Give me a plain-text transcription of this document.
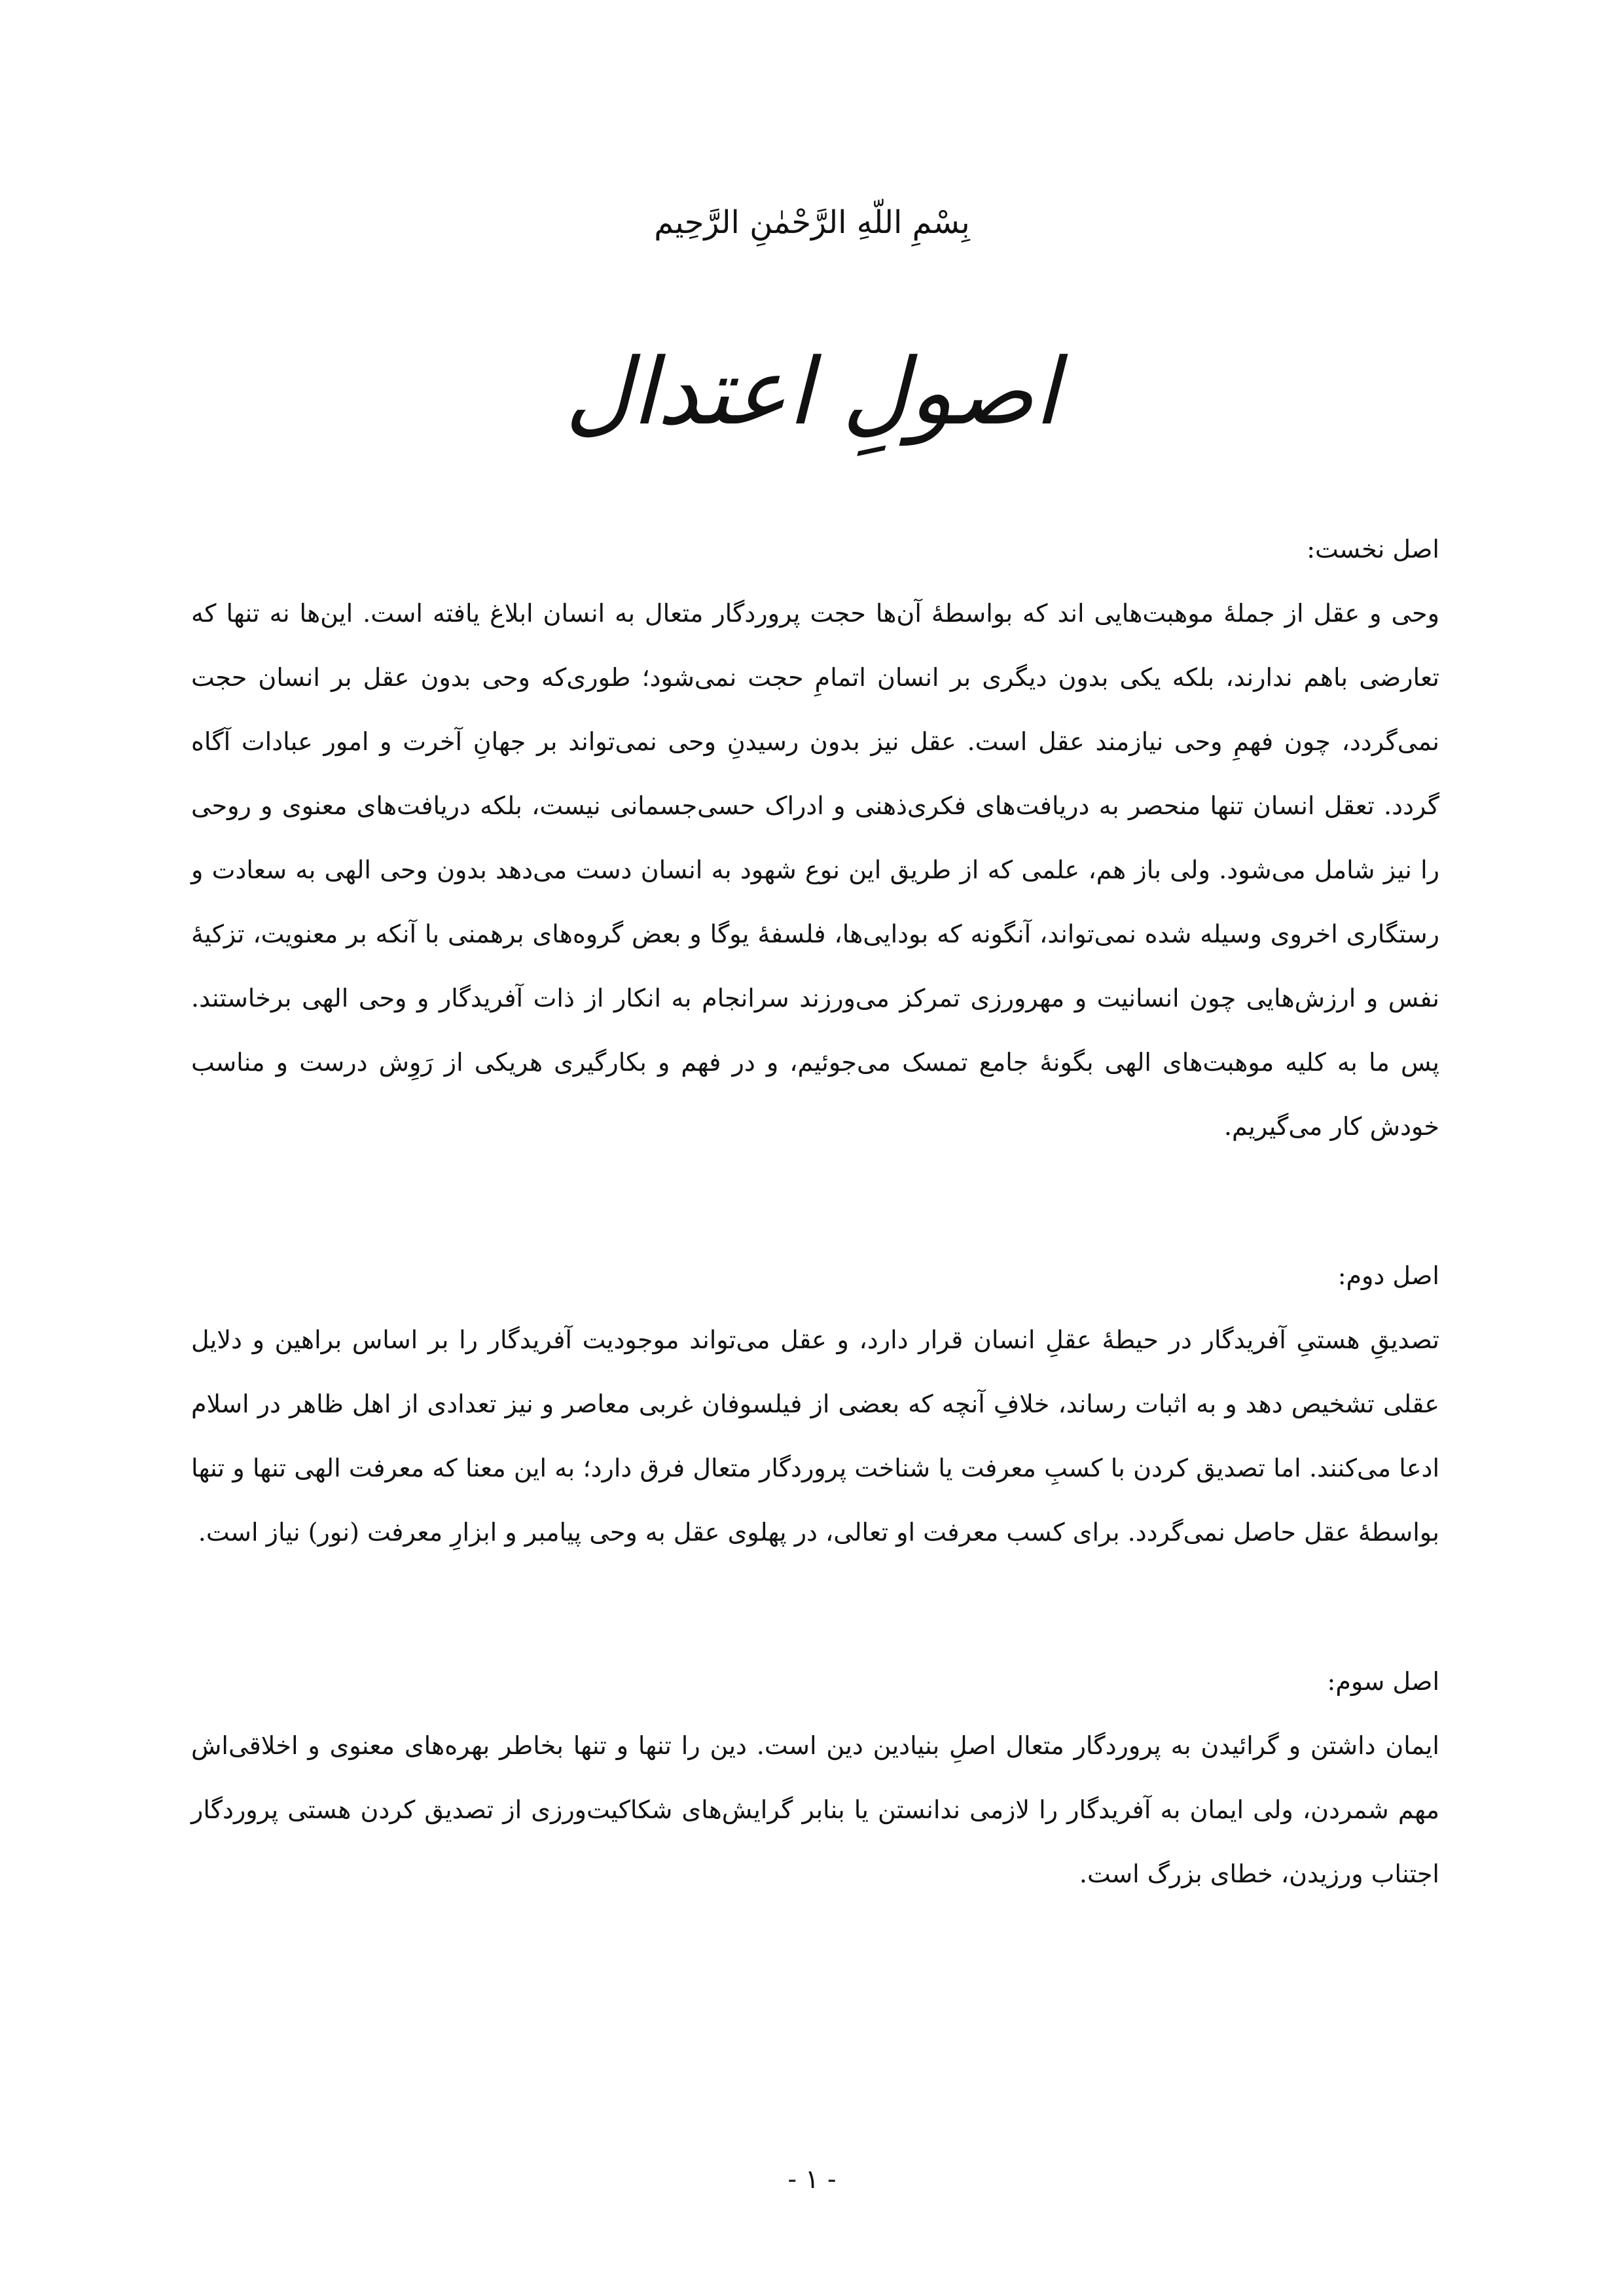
بِسْمِ اللّهِ الرَّحْمٰنِ الرَّحِيم
اصولِ اعتدال

اصل نخست:

وحی و عقل از جملهٔ موهبت‌هایی اند که بواسطهٔ آن‌ها حجت پروردگار متعال به انسان ابلاغ یافته است. این‌ها نه تنها که تعارضی باهم ندارند، بلکه یکی بدون دیگری بر انسان اتمامِ حجت نمی‌شود؛ طوری‌که وحی بدون عقل بر انسان حجت نمی‌گردد، چون فهمِ وحی نیازمند عقل است. عقل نیز بدون رسیدنِ وحی نمی‌تواند بر جهانِ آخرت و امور عبادات آگاه گردد. تعقل انسان تنها منحصر به دریافت‌های فکری‌ذهنی و ادراک حسی‌جسمانی نیست، بلکه دریافت‌های معنوی و روحی را نیز شامل می‌شود. ولی باز هم، علمی که از طریق این نوع شهود به انسان دست می‌دهد بدون وحی الهی به سعادت و رستگاری اخروی وسیله شده نمی‌تواند، آنگونه که بودایی‌ها، فلسفهٔ یوگا و بعض گروه‌های برهمنی با آنکه بر معنویت، تزکیهٔ نفس و ارزش‌هایی چون انسانیت و مهرورزی تمرکز می‌ورزند سرانجام به انکار از ذات آفریدگار و وحی الهی برخاستند. پس ما به کلیه موهبت‌های الهی بگونهٔ جامع تمسک می‌جوئیم، و در فهم و بکارگیری هریکی از رَوِش درست و مناسب خودش کار می‌گیریم.

اصل دوم:

تصدیقِ هستیِ آفریدگار در حیطهٔ عقلِ انسان قرار دارد، و عقل می‌تواند موجودیت آفریدگار را بر اساس براهین و دلایل عقلی تشخیص دهد و به اثبات رساند، خلافِ آنچه که بعضی از فیلسوفان غربی معاصر و نیز تعدادی از اهل ظاهر در اسلام ادعا می‌کنند. اما تصدیق کردن با کسبِ معرفت یا شناخت پروردگار متعال فرق دارد؛ به این معنا که معرفت الهی تنها و تنها بواسطهٔ عقل حاصل نمی‌گردد. برای کسب معرفت او تعالی، در پهلوی عقل به وحی پیامبر و ابزارِ معرفت (نور) نیاز است.

اصل سوم:

ایمان داشتن و گرائیدن به پروردگار متعال اصلِ بنیادین دین است. دین را تنها و تنها بخاطر بهره‌های معنوی و اخلاقی‌اش مهم شمردن، ولی ایمان به آفریدگار را لازمی ندانستن یا بنابر گرایش‌های شکاکیت‌ورزی از تصدیق کردن هستی پروردگار اجتناب ورزیدن، خطای بزرگ است.

- ۱ -
